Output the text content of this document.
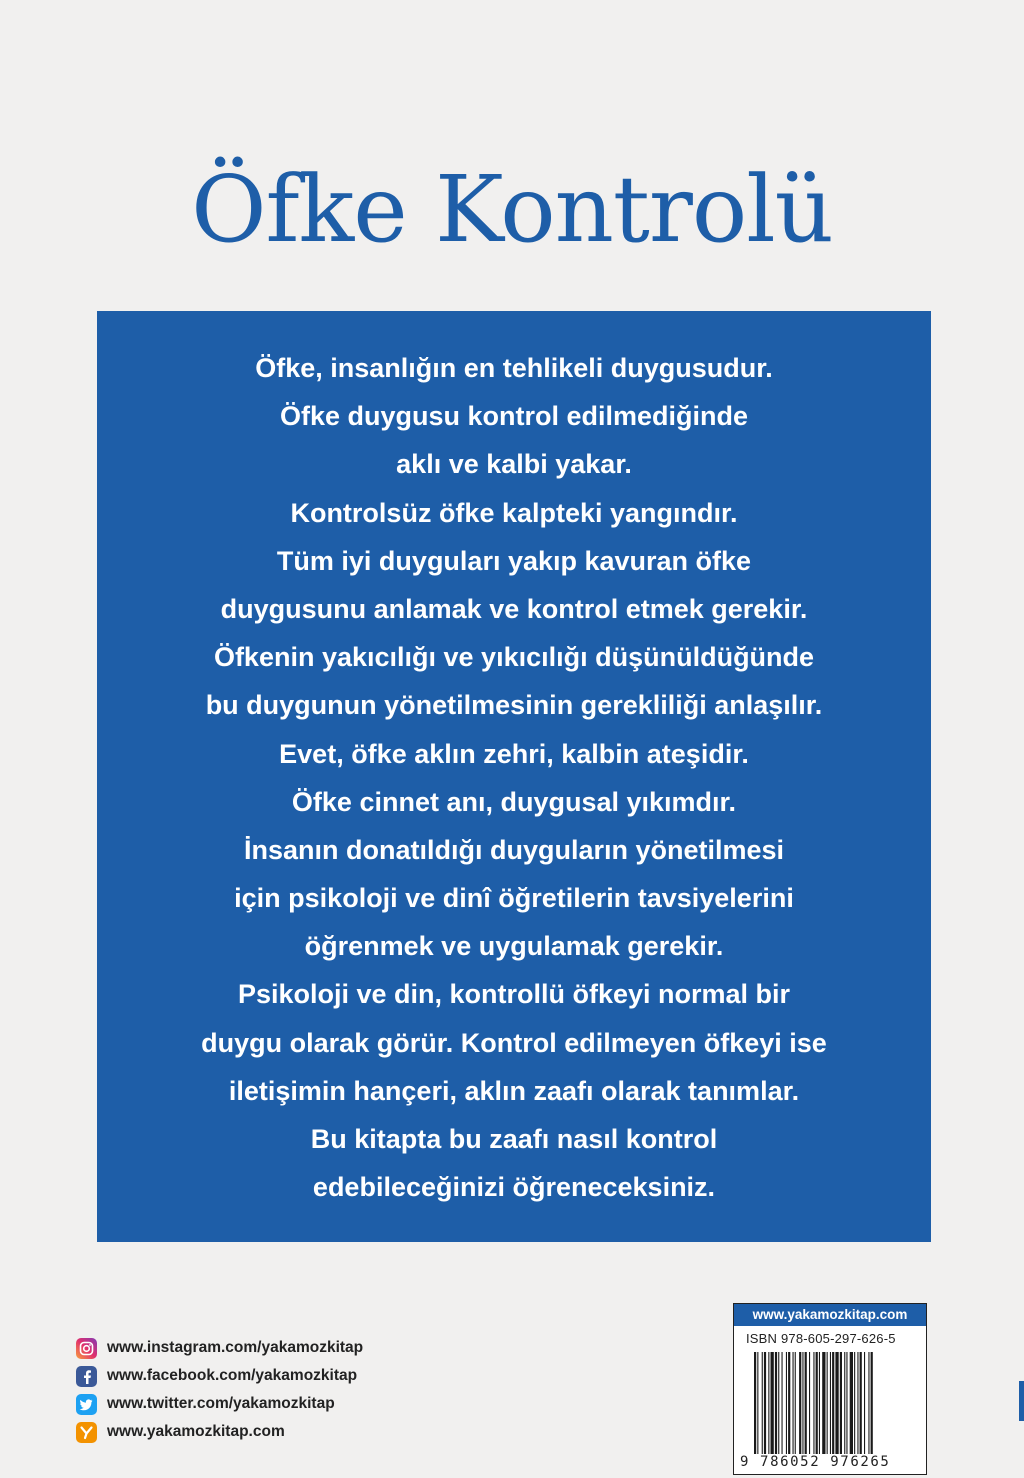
Öfke Kontrolü
Öfke, insanlığın en tehlikeli duygusudur.
Öfke duygusu kontrol edilmediğinde
aklı ve kalbi yakar.
Kontrolsüz öfke kalpteki yangındır.
Tüm iyi duyguları yakıp kavuran öfke
duygusunu anlamak ve kontrol etmek gerekir.
Öfkenin yakıcılığı ve yıkıcılığı düşünüldüğünde
bu duygunun yönetilmesinin gerekliliği anlaşılır.
Evet, öfke aklın zehri, kalbin ateşidir.
Öfke cinnet anı, duygusal yıkımdır.
İnsanın donatıldığı duyguların yönetilmesi
için psikoloji ve dinî öğretilerin tavsiyelerini
öğrenmek ve uygulamak gerekir.
Psikoloji ve din, kontrollü öfkeyi normal bir
duygu olarak görür. Kontrol edilmeyen öfkeyi ise
iletişimin hançeri, aklın zaafı olarak tanımlar.
Bu kitapta bu zaafı nasıl kontrol
edebileceğinizi öğreneceksiniz.
www.instagram.com/yakamozkitap
www.facebook.com/yakamozkitap
www.twitter.com/yakamozkitap
www.yakamozkitap.com
www.yakamozkitap.com
ISBN 978-605-297-626-5
9 786052 976265
